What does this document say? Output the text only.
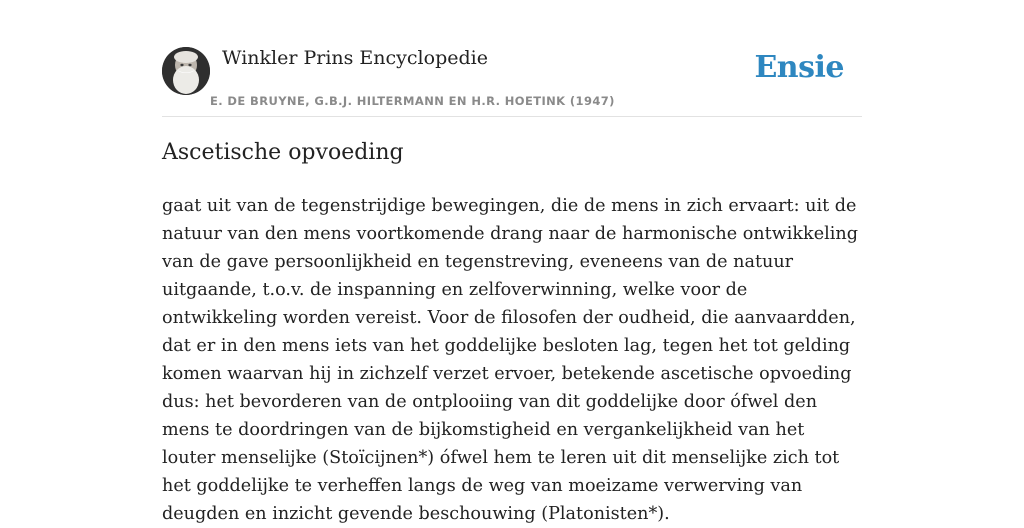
Winkler Prins Encyclopedie
E. DE BRUYNE, G.B.J. HILTERMANN EN H.R. HOETINK (1947)
Ensie
Ascetische opvoeding

gaat uit van de tegenstrijdige bewegingen, die de mens in zich ervaart: uit de natuur van den mens voortkomende drang naar de harmonische ontwikkeling van de gave persoonlijkheid en tegenstreving, eveneens van de natuur uitgaande, t.o.v. de inspanning en zelfoverwinning, welke voor de ontwikkeling worden vereist. Voor de filosofen der oudheid, die aanvaardden, dat er in den mens iets van het goddelijke besloten lag, tegen het tot gelding komen waarvan hij in zichzelf verzet ervoer, betekende ascetische opvoeding dus: het bevorderen van de ontplooiing van dit goddelijke door ófwel den mens te doordringen van de bijkomstigheid en vergankelijkheid van het louter menselijke (Stoïcijnen*) ófwel hem te leren uit dit menselijke zich tot het goddelijke te verheffen langs de weg van moeizame verwerving van deugden en inzicht gevende beschouwing (Platonisten*).
